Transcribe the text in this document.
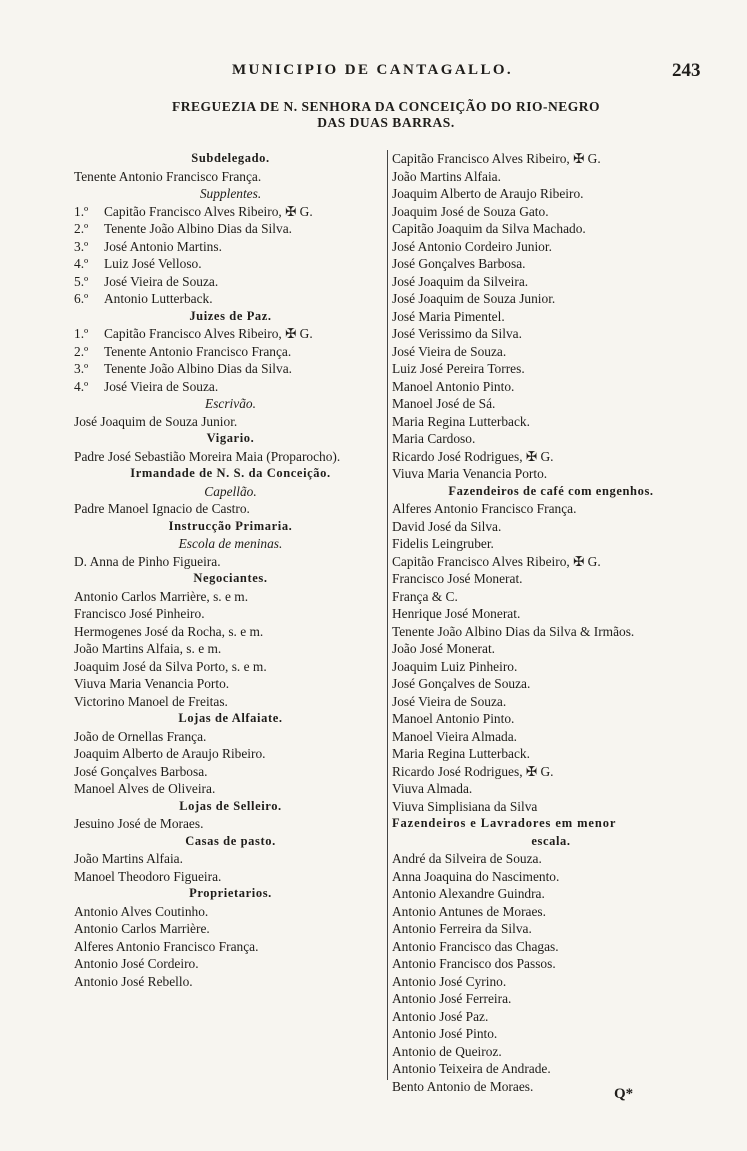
MUNICIPIO DE CANTAGALLO.	243
FREGUEZIA DE N. SENHORA DA CONCEIÇÃO DO RIO-NEGRO
DAS DUAS BARRAS.
Subdelegado.
Tenente Antonio Francisco França.
Supplentes.
1.º Capitão Francisco Alves Ribeiro, ✠ G.
2.º Tenente João Albino Dias da Silva.
3.º José Antonio Martins.
4.º Luiz José Velloso.
5.º José Vieira de Souza.
6.º Antonio Lutterback.
Juizes de Paz.
1.º Capitão Francisco Alves Ribeiro, ✠ G.
2.º Tenente Antonio Francisco França.
3.º Tenente João Albino Dias da Silva.
4.º José Vieira de Souza.
Escrivão.
José Joaquim de Souza Junior.
Vigario.
Padre José Sebastião Moreira Maia (Proparocho).
Irmandade de N. S. da Conceição.
Capellão.
Padre Manoel Ignacio de Castro.
Instrucção Primaria.
Escola de meninas.
D. Anna de Pinho Figueira.
Negociantes.
Antonio Carlos Marrière, s. e m.
Francisco José Pinheiro.
Hermogenes José da Rocha, s. e m.
João Martins Alfaia, s. e m.
Joaquim José da Silva Porto, s. e m.
Viuva Maria Venancia Porto.
Victorino Manoel de Freitas.
Lojas de Alfaiate.
João de Ornellas França.
Joaquim Alberto de Araujo Ribeiro.
José Gonçalves Barbosa.
Manoel Alves de Oliveira.
Lojas de Selleiro.
Jesuino José de Moraes.
Casas de pasto.
João Martins Alfaia.
Manoel Theodoro Figueira.
Proprietarios.
Antonio Alves Coutinho.
Antonio Carlos Marrière.
Alferes Antonio Francisco França.
Antonio José Cordeiro.
Antonio José Rebello.
Capitão Francisco Alves Ribeiro, ✠ G.
João Martins Alfaia.
Joaquim Alberto de Araujo Ribeiro.
Joaquim José de Souza Gato.
Capitão Joaquim da Silva Machado.
José Antonio Cordeiro Junior.
José Gonçalves Barbosa.
José Joaquim da Silveira.
José Joaquim de Souza Junior.
José Maria Pimentel.
José Verissimo da Silva.
José Vieira de Souza.
Luiz José Pereira Torres.
Manoel Antonio Pinto.
Manoel José de Sá.
Maria Regina Lutterback.
Maria Cardoso.
Ricardo José Rodrigues, ✠ G.
Viuva Maria Venancia Porto.
Fazendeiros de café com engenhos.
Alferes Antonio Francisco França.
David José da Silva.
Fidelis Leingruber.
Capitão Francisco Alves Ribeiro, ✠ G.
Francisco José Monerat.
França & C.
Henrique José Monerat.
Tenente João Albino Dias da Silva & Irmãos.
João José Monerat.
Joaquim Luiz Pinheiro.
José Gonçalves de Souza.
José Vieira de Souza.
Manoel Antonio Pinto.
Manoel Vieira Almada.
Maria Regina Lutterback.
Ricardo José Rodrigues, ✠ G.
Viuva Almada.
Viuva Simplisiana da Silva
Fazendeiros e Lavradores em menor
escala.
André da Silveira de Souza.
Anna Joaquina do Nascimento.
Antonio Alexandre Guindra.
Antonio Antunes de Moraes.
Antonio Ferreira da Silva.
Antonio Francisco das Chagas.
Antonio Francisco dos Passos.
Antonio José Cyrino.
Antonio José Ferreira.
Antonio José Paz.
Antonio José Pinto.
Antonio de Queiroz.
Antonio Teixeira de Andrade.
Bento Antonio de Moraes.	Q*
